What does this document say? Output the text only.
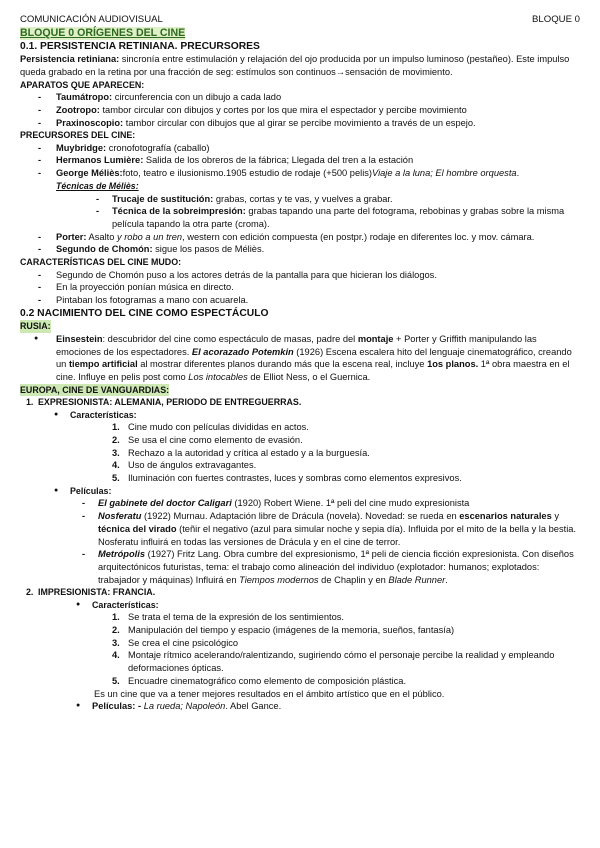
COMUNICACIÓN AUDIOVISUAL	BLOQUE 0
BLOQUE 0 ORÍGENES DEL CINE
0.1. PERSISTENCIA RETINIANA. PRECURSORES
Persistencia retiniana: sincronía entre estimulación y relajación del ojo producida por un impulso luminoso (pestañeo). Este impulso queda grabado en la retina por una fracción de seg: estímulos son continuos→sensación de movimiento.
APARATOS QUE APARECEN:
- Taumátropo: circunferencia con un dibujo a cada lado
- Zootropo: tambor circular con dibujos y cortes por los que mira el espectador y percibe movimiento
- Praxinoscopio: tambor circular con dibujos que al girar se percibe movimiento a través de un espejo.
PRECURSORES DEL CINE:
- Muybridge: cronofotografía (caballo)
- Hermanos Lumière: Salida de los obreros de la fábrica; Llegada del tren a la estación
- George Méliès:foto, teatro e ilusionismo.1905 estudio de rodaje (+500 pelis)Viaje a la luna; El hombre orquesta.
Técnicas de Méliès:
- Trucaje de sustitución: grabas, cortas y te vas, y vuelves a grabar.
- Técnica de la sobreimpresión: grabas tapando una parte del fotograma, rebobinas y grabas sobre la misma película tapando la otra parte (croma).
- Porter: Asalto y robo a un tren, western con edición compuesta (en postpr.) rodaje en diferentes loc. y mov. cámara.
- Segundo de Chomón: sigue los pasos de Méliès.
CARACTERÍSTICAS DEL CINE MUDO:
- Segundo de Chomón puso a los actores detrás de la pantalla para que hicieran los diálogos.
- En la proyección ponían música en directo.
- Pintaban los fotogramas a mano con acuarela.
0.2 NACIMIENTO DEL CINE COMO ESPECTÁCULO
RUSIA:
● Einsestein: descubridor del cine como espectáculo de masas, padre del montaje + Porter y Griffith manipulando las emociones de los espectadores. El acorazado Potemkin (1926) Escena escalera hito del lenguaje cinematográfico, creando un tiempo artificial al mostrar diferentes planos durando más que la escena real, incluye 1os planos. 1ª obra maestra en el cine. Influye en pelis post como Los intocables de Elliot Ness, o el Guernica.
EUROPA, CINE DE VANGUARDIAS:
1. EXPRESIONISTA: ALEMANIA, PERIODO DE ENTREGUERRAS.
● Características:
1. Cine mudo con películas divididas en actos.
2. Se usa el cine como elemento de evasión.
3. Rechazo a la autoridad y crítica al estado y a la burguesía.
4. Uso de ángulos extravagantes.
5. Iluminación con fuertes contrastes, luces y sombras como elementos expresivos.
● Películas:
- El gabinete del doctor Caligari (1920) Robert Wiene. 1ª peli del cine mudo expresionista
- Nosferatu (1922) Murnau. Adaptación libre de Drácula (novela). Novedad: se rueda en escenarios naturales y técnica del virado (teñir el negativo (azul para simular noche y sepia día). Influida por el mito de la bella y la bestia. Nosferatu influirá en todas las versiones de Drácula y en el cine de terror.
- Metrópolis (1927) Fritz Lang. Obra cumbre del expresionismo, 1ª peli de ciencia ficción expresionista. Con diseños arquitectónicos futuristas, tema: el trabajo como alineación del individuo (explotador: humanos; explotados: trabajador y máquinas) Influirá en Tiempos modernos de Chaplin y en Blade Runner.
2. IMPRESIONISTA: FRANCIA.
● Características:
1. Se trata el tema de la expresión de los sentimientos.
2. Manipulación del tiempo y espacio (imágenes de la memoria, sueños, fantasía)
3. Se crea el cine psicológico
4. Montaje rítmico acelerando/ralentizando, sugiriendo cómo el personaje percibe la realidad y empleando deformaciones ópticas.
5. Encuadre cinematográfico como elemento de composición plástica.
Es un cine que va a tener mejores resultados en el ámbito artístico que en el público.
● Películas: - La rueda; Napoleón. Abel Gance.
